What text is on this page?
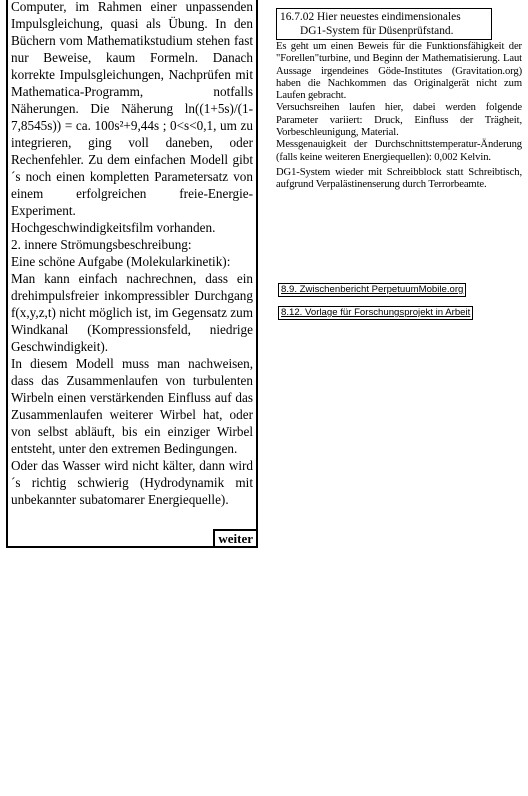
Computer, im Rahmen einer unpassenden Impulsgleichung, quasi als Übung. In den Büchern vom Mathematikstudium stehen fast nur Beweise, kaum Formeln. Danach korrekte Impulsgleichungen, Nachprüfen mit Mathematica-Programm, notfalls Näherungen. Die Näherung ln((1+5s)/(1-7,8545s)) = ca. 100s²+9,44s ; 0<s<0,1, um zu integrieren, ging voll daneben, oder Rechenfehler. Zu dem einfachen Modell gibt´s noch einen kompletten Parametersatz von einem erfolgreichen freie-Energie-Experiment.

Hochgeschwindigkeitsfilm vorhanden.

2. innere Strömungsbeschreibung:

Eine schöne Aufgabe (Molekularkinetik):

Man kann einfach nachrechnen, dass ein drehimpulsfreier inkompressibler Durchgang f(x,y,z,t) nicht möglich ist, im Gegensatz zum Windkanal (Kompressionsfeld, niedrige Geschwindigkeit).

In diesem Modell muss man nachweisen, dass das Zusammenlaufen von turbulenten Wirbeln einen verstärkenden Einfluss auf das Zusammenlaufen weiterer Wirbel hat, oder von selbst abläuft, bis ein einziger Wirbel entsteht, unter den extremen Bedingungen.

Oder das Wasser wird nicht kälter, dann wird´s richtig schwierig (Hydrodynamik mit unbekannter subatomarer Energiequelle).

weiter
16.7.02 Hier neuestes eindimensionales
DG1-System für Düsenprüfstand.

Es geht um einen Beweis für die Funktionsfähigkeit der "Forellen"turbine, und Beginn der Mathematisierung. Laut Aussage irgendeines Göde-Institutes (Gravitation.org) haben die Nachkommen das Originalgerät nicht zum Laufen gebracht.

Versuchsreihen laufen hier, dabei werden folgende Parameter variiert: Druck, Einfluss der Trägheit, Vorbeschleunigung, Material.

Messgenauigkeit der Durchschnittstemperatur-Änderung (falls keine weiteren Energiequellen): 0,002 Kelvin.

DG1-System wieder mit Schreibblock statt Schreibtisch, aufgrund Verpalästinenserung durch Terrorbeamte.

8.9. Zwischenbericht PerpetuumMobile.org
8.12. Vorlage für Forschungsprojekt in Arbeit
